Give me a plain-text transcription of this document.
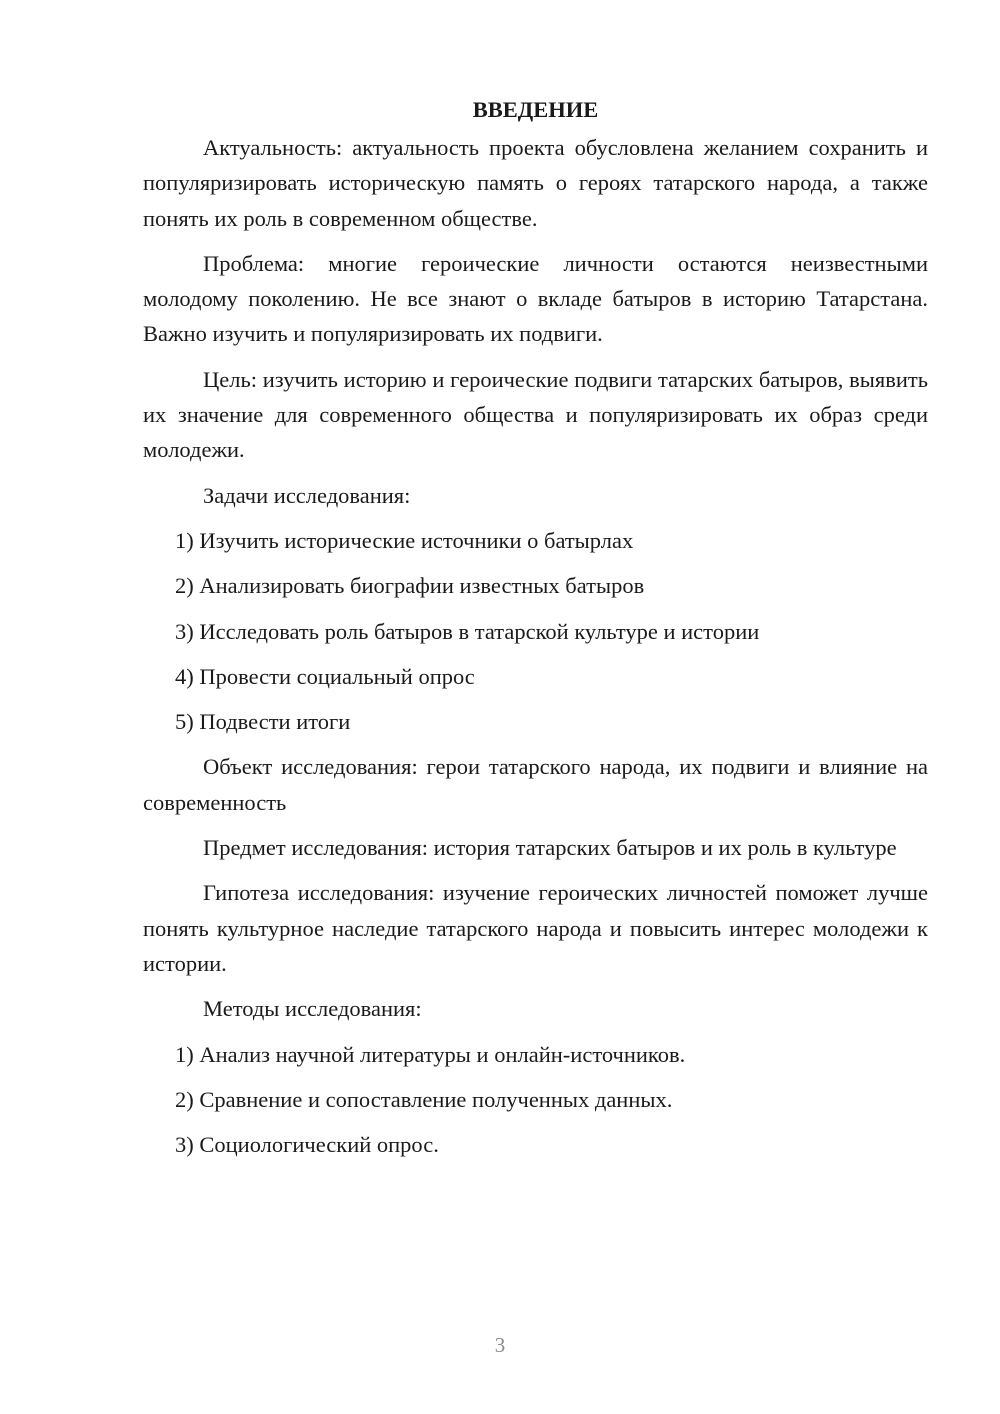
ВВЕДЕНИЕ

Актуальность: актуальность проекта обусловлена желанием сохранить и популяризировать историческую память о героях татарского народа, а также понять их роль в современном обществе.

Проблема: многие героические личности остаются неизвестными молодому поколению. Не все знают о вкладе батыров в историю Татарстана. Важно изучить и популяризировать их подвиги.

Цель: изучить историю и героические подвиги татарских батыров, выявить их значение для современного общества и популяризировать их образ среди молодежи.

Задачи исследования:

1) Изучить исторические источники о батырлах
2) Анализировать биографии известных батыров
3) Исследовать роль батыров в татарской культуре и истории
4) Провести социальный опрос
5) Подвести итоги

Объект исследования: герои татарского народа, их подвиги и влияние на современность

Предмет исследования: история татарских батыров и их роль в культуре

Гипотеза исследования: изучение героических личностей поможет лучше понять культурное наследие татарского народа и повысить интерес молодежи к истории.

Методы исследования:

1) Анализ научной литературы и онлайн-источников.
2) Сравнение и сопоставление полученных данных.
3) Социологический опрос.
3
